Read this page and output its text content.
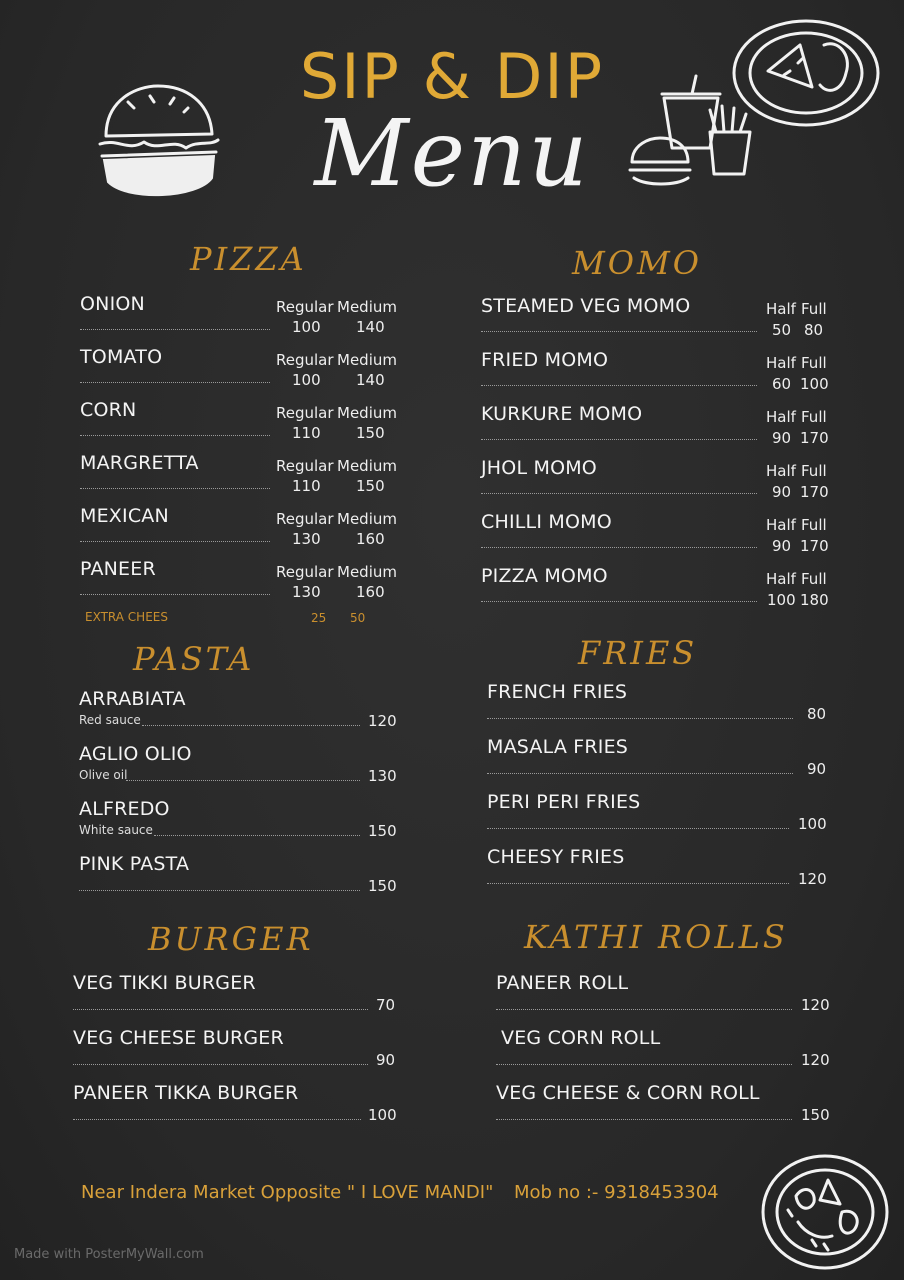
SIP & DIP
Menu
PIZZA
ONION	Regular Medium
100 140
TOMATO	Regular Medium
100 140
CORN	Regular Medium
110 150
MARGRETTA	Regular Medium
110 150
MEXICAN	Regular Medium
130 160
PANEER	Regular Medium
130 160
EXTRA CHEES	25 50
MOMO
STEAMED VEG MOMO	Half Full
50 80
FRIED MOMO	Half Full
60 100
KURKURE MOMO	Half Full
90 170
JHOL MOMO	Half Full
90 170
CHILLI MOMO	Half Full
90 170
PIZZA MOMO	Half Full
100 180
PASTA
ARRABIATA
Red sauce	120
AGLIO OLIO
Olive oil	130
ALFREDO
White sauce	150
PINK PASTA
150
FRIES
FRENCH FRIES
80
MASALA FRIES
90
PERI PERI FRIES
100
CHEESY FRIES
120
BURGER
VEG TIKKI BURGER
70
VEG CHEESE BURGER
90
PANEER TIKKA BURGER
100
KATHI ROLLS
PANEER ROLL
120
VEG CORN ROLL
120
VEG CHEESE & CORN ROLL
150
Near Indera Market Opposite " I LOVE MANDI" Mob no :- 9318453304
Made with PosterMyWall.com
